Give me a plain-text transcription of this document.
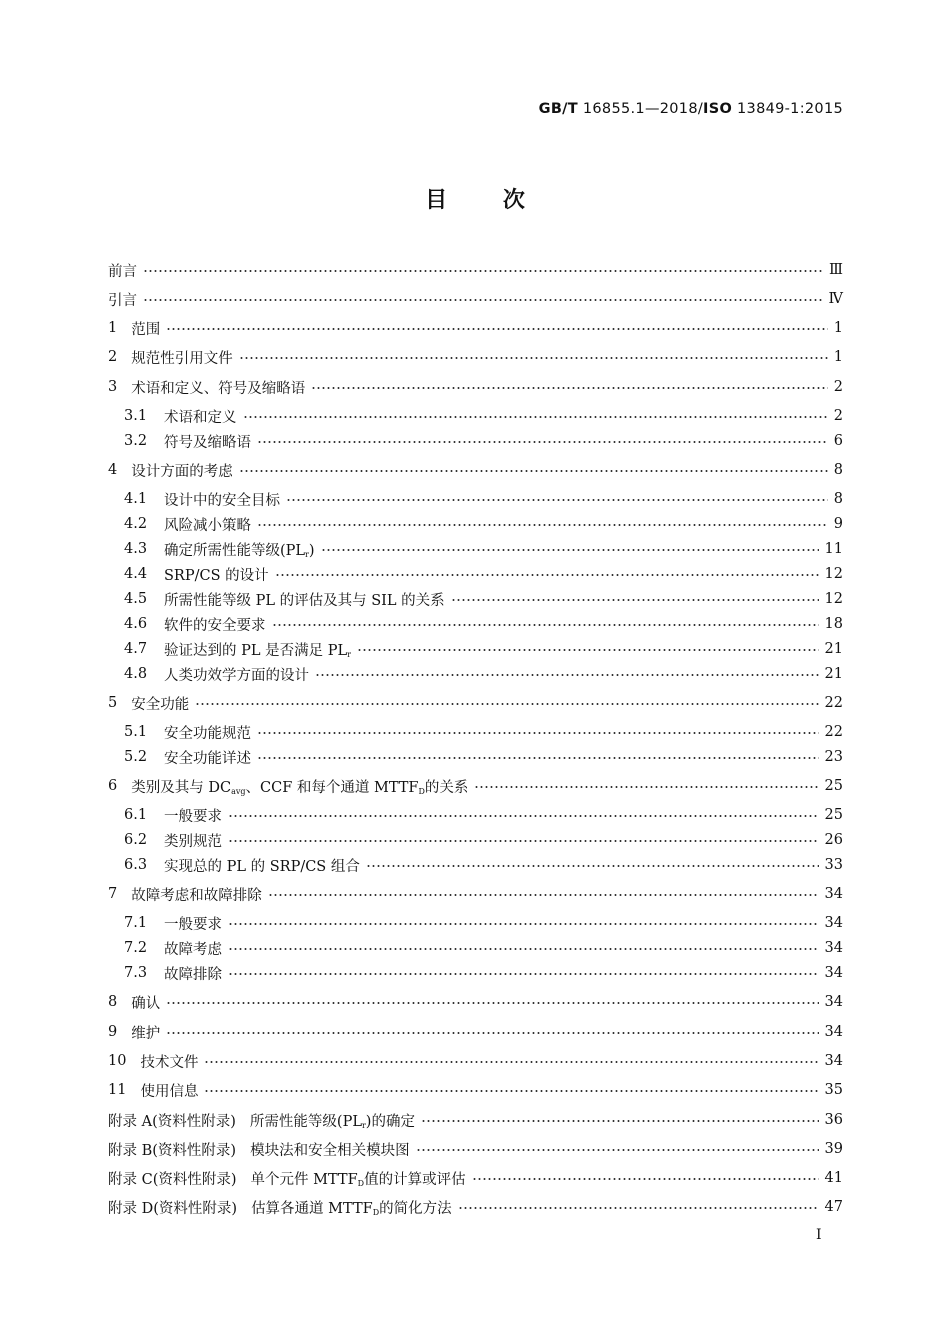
GB/T 16855.1—2018/ISO 13849-1:2015
目 次
前言	Ⅲ
引言	Ⅳ
1 范围	1
2 规范性引用文件	1
3 术语和定义、符号及缩略语	2
3.1	术语和定义	2
3.2	符号及缩略语	6
4 设计方面的考虑	8
4.1	设计中的安全目标	8
4.2	风险减小策略	9
4.3	确定所需性能等级$(PL_r)$	11
4.4	SRP/CS 的设计	12
4.5	所需性能等级 PL 的评估及其与 SIL 的关系	12
4.6	软件的安全要求	18
4.7	验证达到的 PL 是否满足 $PL_r$	21
4.8	人类功效学方面的设计	21
5 安全功能	22
5.1	安全功能规范	22
5.2	安全功能详述	23
6 类别及其与 $DC_{avg}$、CCF 和每个通道 $MTTF_D$的关系	25
6.1	一般要求	25
6.2	类别规范	26
6.3	实现总的 PL 的 SRP/CS 组合	33
7 故障考虑和故障排除	34
7.1	一般要求	34
7.2	故障考虑	34
7.3	故障排除	34
8 确认	34
9 维护	34
10 技术文件	34
11 使用信息	35
附录 A(资料性附录) 所需性能等级$(PL_r)$的确定	36
附录 B(资料性附录) 模块法和安全相关模块图	39
附录 C(资料性附录) 单个元件 $MTTF_D$值的计算或评估	41
附录 D(资料性附录) 估算各通道 $MTTF_D$的简化方法	47
Ⅰ
